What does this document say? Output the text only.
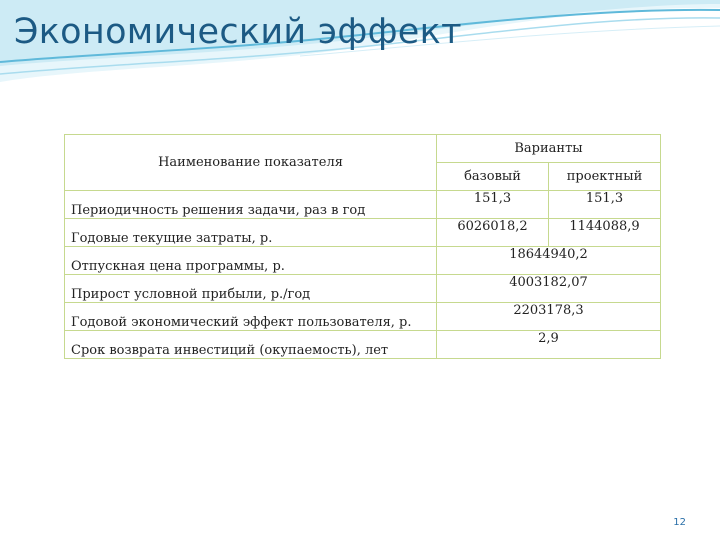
Экономический эффект
Наименование показателя	Варианты	
	базовый	проектный
Периодичность решения задачи, раз в год	151,3	151,3
Годовые текущие затраты, р.	6026018,2	1144088,9
Отпускная цена программы, р.	18644940,2	
Прирост условной прибыли, р./год	4003182,07	
Годовой экономический эффект пользователя, р.	2203178,3	
Срок возврата инвестиций (окупаемость), лет	2,9	
12
